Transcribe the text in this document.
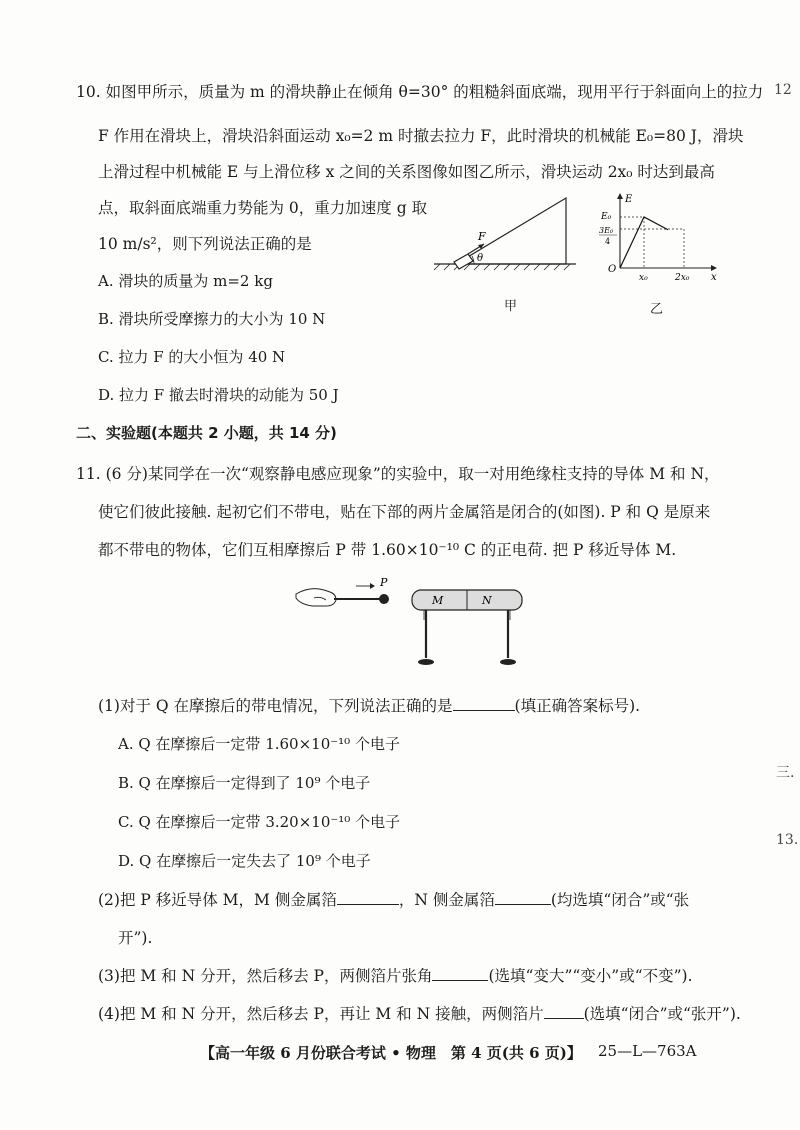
12
三.
13.
10. 如图甲所示，质量为 m 的滑块静止在倾角 θ=30° 的粗糙斜面底端，现用平行于斜面向上的拉力
F 作用在滑块上，滑块沿斜面运动 x₀=2 m 时撤去拉力 F，此时滑块的机械能 E₀=80 J，滑块
上滑过程中机械能 E 与上滑位移 x 之间的关系图像如图乙所示，滑块运动 2x₀ 时达到最高
点，取斜面底端重力势能为 0，重力加速度 g 取
10 m/s²，则下列说法正确的是
A. 滑块的质量为 m=2 kg
B. 滑块所受摩擦力的大小为 10 N
C. 拉力 F 的大小恒为 40 N
D. 拉力 F 撤去时滑块的动能为 50 J
F
θ
甲
E
x
O
E₀
3E₀
4
x₀	2x₀
乙
二、实验题(本题共 2 小题，共 14 分)
11. (6 分)某同学在一次“观察静电感应现象”的实验中，取一对用绝缘柱支持的导体 M 和 N，
使它们彼此接触. 起初它们不带电，贴在下部的两片金属箔是闭合的(如图). P 和 Q 是原来
都不带电的物体，它们互相摩擦后 P 带 1.60×10⁻¹⁰ C 的正电荷. 把 P 移近导体 M.
P
M	N
(1)对于 Q 在摩擦后的带电情况，下列说法正确的是	(填正确答案标号).
A. Q 在摩擦后一定带 1.60×10⁻¹⁰ 个电子
B. Q 在摩擦后一定得到了 10⁹ 个电子
C. Q 在摩擦后一定带 3.20×10⁻¹⁰ 个电子
D. Q 在摩擦后一定失去了 10⁹ 个电子
(2)把 P 移近导体 M，M 侧金属箔	，N 侧金属箔	(均选填“闭合”或“张
开”).
(3)把 M 和 N 分开，然后移去 P，两侧箔片张角	(选填“变大”“变小”或“不变”).
(4)把 M 和 N 分开，然后移去 P，再让 M 和 N 接触，两侧箔片	(选填“闭合”或“张开”).
【高一年级 6 月份联合考试 • 物理　第 4 页(共 6 页)】 25—L—763A
